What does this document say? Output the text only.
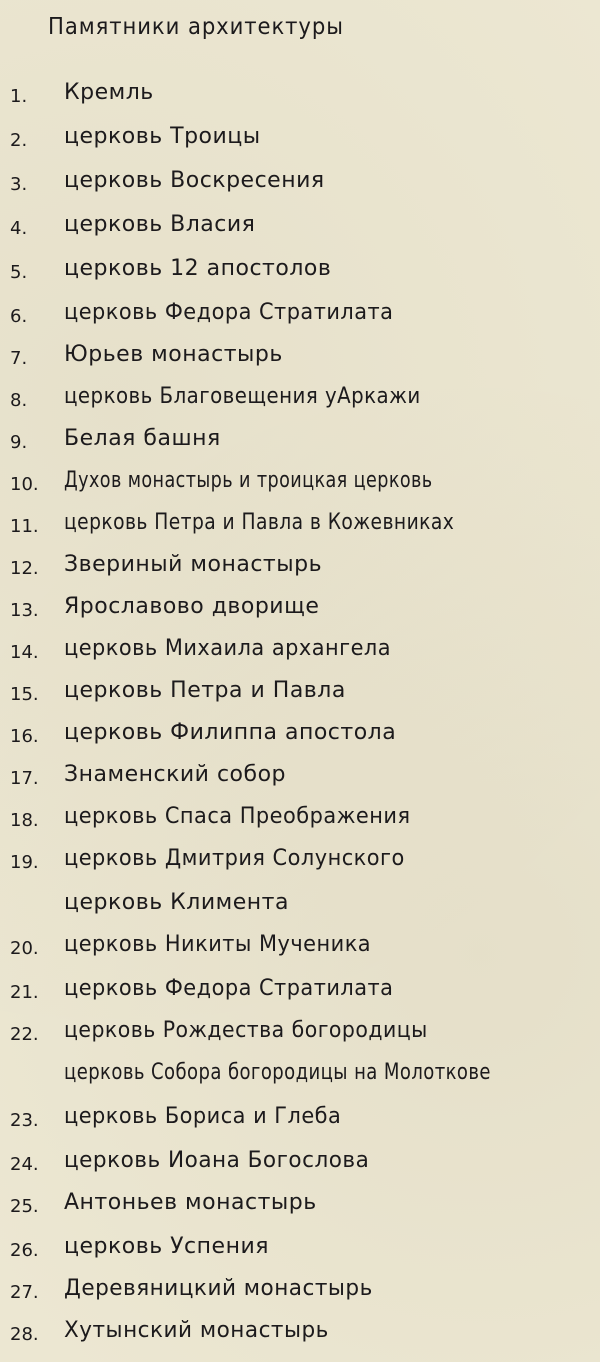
Памятники архитектуры
1.	Кремль
2.	церковь Троицы
3.	церковь Воскресения
4.	церковь Власия
5.	церковь 12 апостолов
6.	церковь Федора Стратилата
7.	Юрьев монастырь
8.	церковь Благовещения уАркажи
9.	Белая башня
10.	Духов монастырь и троицкая церковь
11.	церковь Петра и Павла в Кожевниках
12.	Звериный монастырь
13.	Ярославово дворище
14.	церковь Михаила архангела
15.	церковь Петра и Павла
16.	церковь Филиппа апостола
17.	Знаменский собор
18.	церковь Спаса Преображения
19.	церковь Дмитрия Солунского
церковь Климента
20.	церковь Никиты Мученика
21.	церковь Федора Стратилата
22.	церковь Рождества богородицы
церковь Собора богородицы на Молоткове
23.	церковь Бориса и Глеба
24.	церковь Иоана Богослова
25.	Антоньев монастырь
26.	церковь Успения
27.	Деревяницкий монастырь
28.	Хутынский монастырь
